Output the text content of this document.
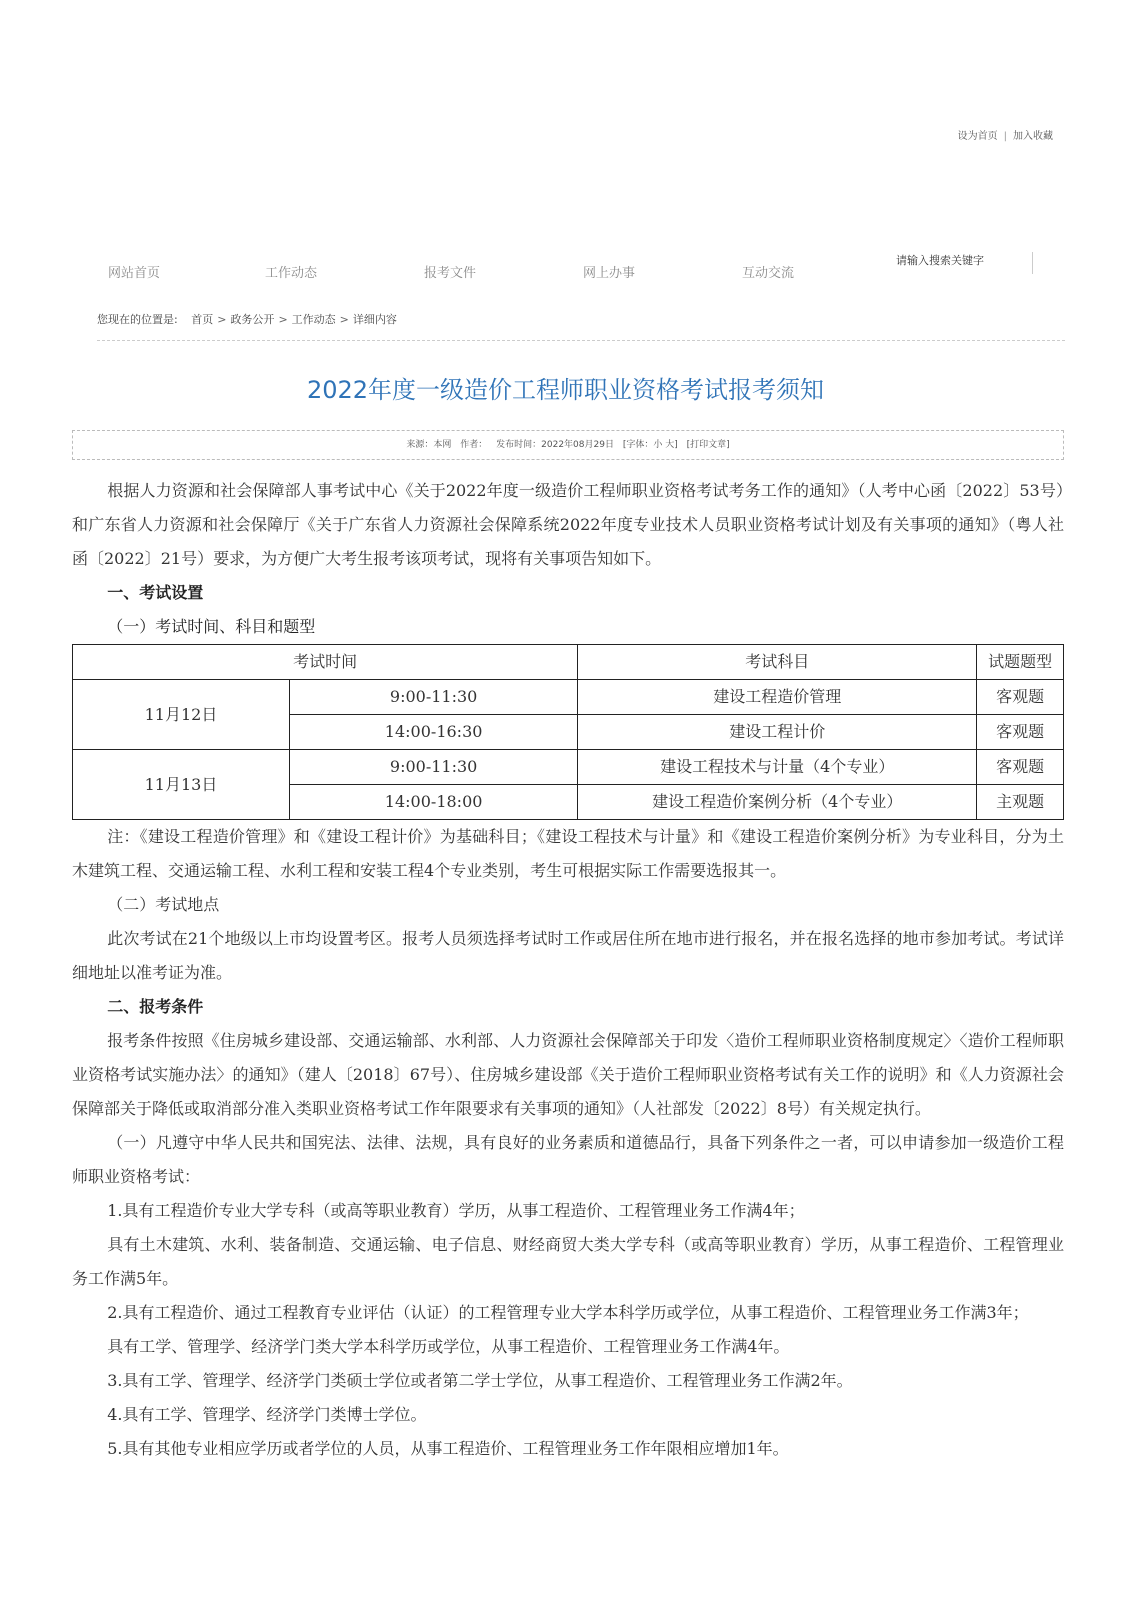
设为首页 | 加入收藏
网站首页	工作动态	报考文件	网上办事	互动交流
请输入搜索关键字
您现在的位置是: 首页 > 政务公开 > 工作动态 > 详细内容
2022年度一级造价工程师职业资格考试报考须知
来源：本网 作者： 发布时间：2022年08月29日 [字体：小 大] [打印文章]

根据人力资源和社会保障部人事考试中心《关于2022年度一级造价工程师职业资格考试考务工作的通知》（人考中心函〔2022〕53号）和广东省人力资源和社会保障厅《关于广东省人力资源社会保障系统2022年度专业技术人员职业资格考试计划及有关事项的通知》（粤人社函〔2022〕21号）要求，为方便广大考生报考该项考试，现将有关事项告知如下。

一、考试设置

（一）考试时间、科目和题型

考试时间		考试科目	试题题型
11月12日	9:00-11:30	建设工程造价管理	客观题
	14:00-16:30	建设工程计价	客观题
11月13日	9:00-11:30	建设工程技术与计量（4个专业）	客观题
	14:00-18:00	建设工程造价案例分析（4个专业）	主观题

注：《建设工程造价管理》和《建设工程计价》为基础科目；《建设工程技术与计量》和《建设工程造价案例分析》为专业科目，分为土木建筑工程、交通运输工程、水利工程和安装工程4个专业类别，考生可根据实际工作需要选报其一。

（二）考试地点

此次考试在21个地级以上市均设置考区。报考人员须选择考试时工作或居住所在地市进行报名，并在报名选择的地市参加考试。考试详细地址以准考证为准。

二、报考条件

报考条件按照《住房城乡建设部、交通运输部、水利部、人力资源社会保障部关于印发〈造价工程师职业资格制度规定〉〈造价工程师职业资格考试实施办法〉的通知》（建人〔2018〕67号）、住房城乡建设部《关于造价工程师职业资格考试有关工作的说明》和《人力资源社会保障部关于降低或取消部分准入类职业资格考试工作年限要求有关事项的通知》（人社部发〔2022〕8号）有关规定执行。

（一）凡遵守中华人民共和国宪法、法律、法规，具有良好的业务素质和道德品行，具备下列条件之一者，可以申请参加一级造价工程师职业资格考试：

1.具有工程造价专业大学专科（或高等职业教育）学历，从事工程造价、工程管理业务工作满4年；

具有土木建筑、水利、装备制造、交通运输、电子信息、财经商贸大类大学专科（或高等职业教育）学历，从事工程造价、工程管理业务工作满5年。

2.具有工程造价、通过工程教育专业评估（认证）的工程管理专业大学本科学历或学位，从事工程造价、工程管理业务工作满3年；

具有工学、管理学、经济学门类大学本科学历或学位，从事工程造价、工程管理业务工作满4年。

3.具有工学、管理学、经济学门类硕士学位或者第二学士学位，从事工程造价、工程管理业务工作满2年。

4.具有工学、管理学、经济学门类博士学位。

5.具有其他专业相应学历或者学位的人员，从事工程造价、工程管理业务工作年限相应增加1年。
